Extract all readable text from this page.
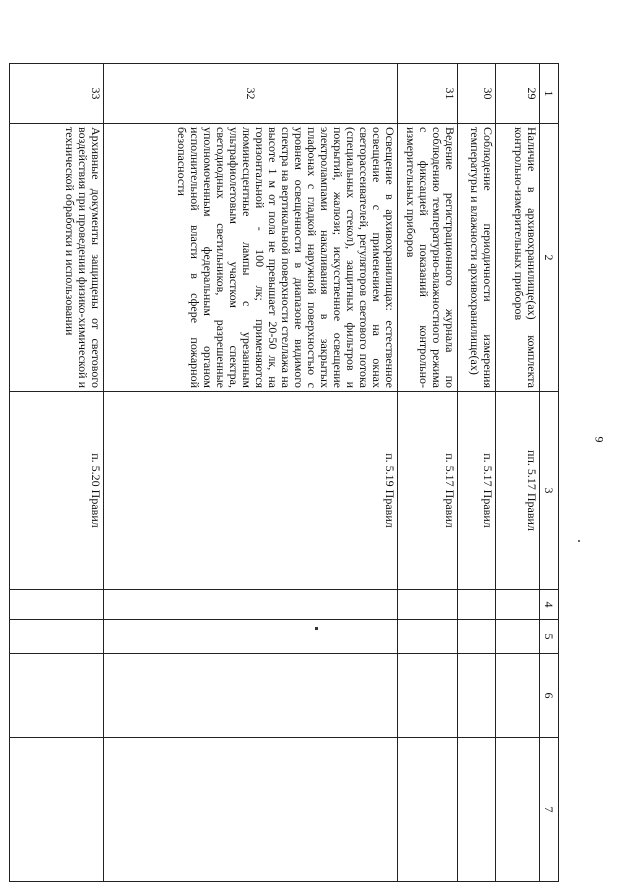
9
1	2	3	4	5	6	7
29	Наличие в архивохранилище(ах) комплекта контрольно-измерительных приборов	пп. 5.17 Правил				
30	Соблюдение периодичности измерения температуры и влажности архивохранилище(ах)	п. 5.17 Правил				
31	Ведение регистрационного журнала по соблюдению температурно-влажностного режима с фиксацией показаний контрольно-измерительных приборов	п. 5.17 Правил				
32	Освещение в архивохранилищах: естественное освещение с применением на окнах светорассеивателей, регуляторов светового потока (специальных стекол), защитных фильтров и покрытий, жалюзи; искусственное освещение электролампами накаливания в закрытых плафонах с гладкой наружной поверхностью с уровнем освещенности в диапазоне видимого спектра на вертикальной поверхности стеллажа на высоте 1 м от пола не превышает 20-50 лк, на горизонтальной - 100 лк; применяются люминесцентные лампы с урезанным ультрафиолетовым участком спектра, светодиодных светильников, разрешенные уполномоченным федеральным органом исполнительной власти в сфере пожарной безопасности	п. 5.19 Правил				
33	Архивные документы защищены от светового воздействия при проведении физико-химической и технической обработки и использовании	п. 5.20 Правил				
